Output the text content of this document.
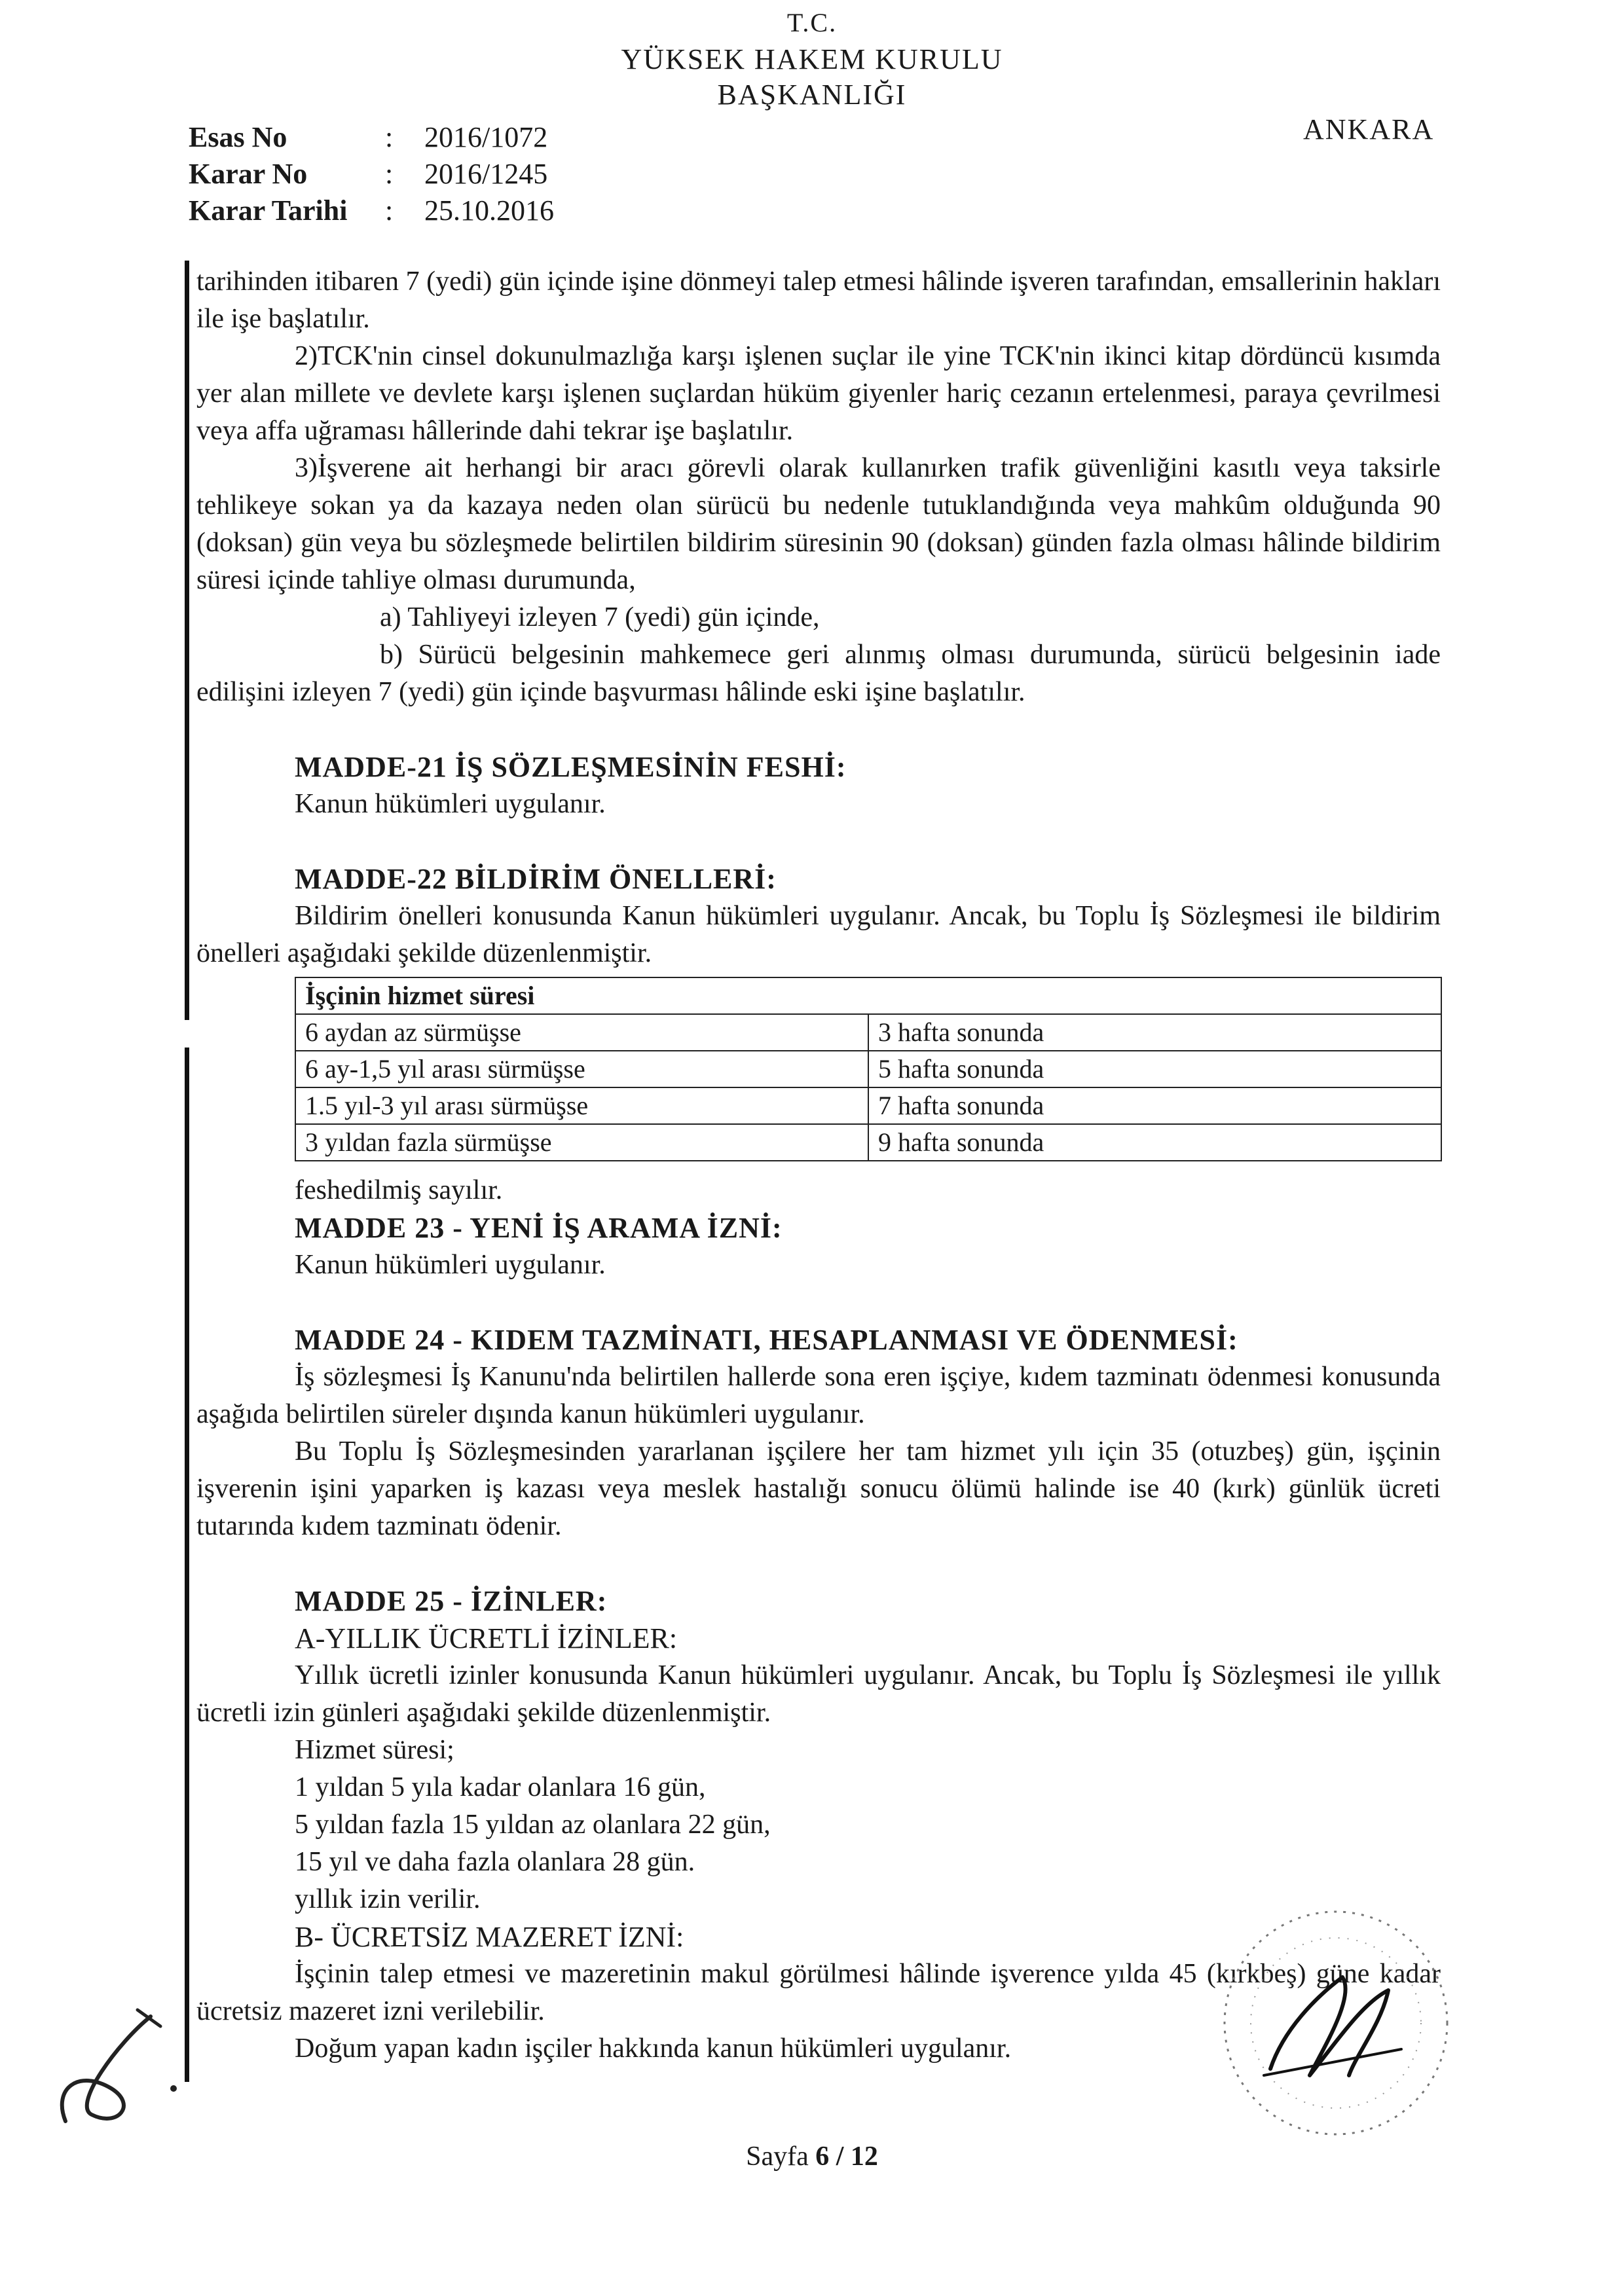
T.C.
YÜKSEK HAKEM KURULU
BAŞKANLIĞI
Esas No	: 2016/1072
Karar No	: 2016/1245
Karar Tarihi : 25.10.2016
ANKARA

tarihinden itibaren 7 (yedi) gün içinde işine dönmeyi talep etmesi hâlinde işveren tarafından, emsallerinin hakları ile işe başlatılır.

2)TCK'nin cinsel dokunulmazlığa karşı işlenen suçlar ile yine TCK'nin ikinci kitap dördüncü kısımda yer alan millete ve devlete karşı işlenen suçlardan hüküm giyenler hariç cezanın ertelenmesi, paraya çevrilmesi veya affa uğraması hâllerinde dahi tekrar işe başlatılır.

3)İşverene ait herhangi bir aracı görevli olarak kullanırken trafik güvenliğini kasıtlı veya taksirle tehlikeye sokan ya da kazaya neden olan sürücü bu nedenle tutuklandığında veya mahkûm olduğunda 90 (doksan) gün veya bu sözleşmede belirtilen bildirim süresinin 90 (doksan) günden fazla olması hâlinde bildirim süresi içinde tahliye olması durumunda,

a) Tahliyeyi izleyen 7 (yedi) gün içinde,

b) Sürücü belgesinin mahkemece geri alınmış olması durumunda, sürücü belgesinin iade edilişini izleyen 7 (yedi) gün içinde başvurması hâlinde eski işine başlatılır.

MADDE-21 İŞ SÖZLEŞMESİNİN FESHİ:

Kanun hükümleri uygulanır.

MADDE-22 BİLDİRİM ÖNELLERİ:

Bildirim önelleri konusunda Kanun hükümleri uygulanır. Ancak, bu Toplu İş Sözleşmesi ile bildirim önelleri aşağıdaki şekilde düzenlenmiştir.

İşçinin hizmet süresi	
6 aydan az sürmüşse	3 hafta sonunda
6 ay-1,5 yıl arası sürmüşse	5 hafta sonunda
1.5 yıl-3 yıl arası sürmüşse	7 hafta sonunda
3 yıldan fazla sürmüşse	9 hafta sonunda

feshedilmiş sayılır.

MADDE 23 - YENİ İŞ ARAMA İZNİ:

Kanun hükümleri uygulanır.

MADDE 24 - KIDEM TAZMİNATI, HESAPLANMASI VE ÖDENMESİ:

İş sözleşmesi İş Kanunu'nda belirtilen hallerde sona eren işçiye, kıdem tazminatı ödenmesi konusunda aşağıda belirtilen süreler dışında kanun hükümleri uygulanır.

Bu Toplu İş Sözleşmesinden yararlanan işçilere her tam hizmet yılı için 35 (otuzbeş) gün, işçinin işverenin işini yaparken iş kazası veya meslek hastalığı sonucu ölümü halinde ise 40 (kırk) günlük ücreti tutarında kıdem tazminatı ödenir.

MADDE 25 - İZİNLER:

A-YILLIK ÜCRETLİ İZİNLER:

Yıllık ücretli izinler konusunda Kanun hükümleri uygulanır. Ancak, bu Toplu İş Sözleşmesi ile yıllık ücretli izin günleri aşağıdaki şekilde düzenlenmiştir.

Hizmet süresi;

1 yıldan 5 yıla kadar olanlara 16 gün,

5 yıldan fazla 15 yıldan az olanlara 22 gün,

15 yıl ve daha fazla olanlara 28 gün.

yıllık izin verilir.

B- ÜCRETSİZ MAZERET İZNİ:

İşçinin talep etmesi ve mazeretinin makul görülmesi hâlinde işverence yılda 45 (kırkbeş) güne kadar ücretsiz mazeret izni verilebilir.

Doğum yapan kadın işçiler hakkında kanun hükümleri uygulanır.

Sayfa 6 / 12
